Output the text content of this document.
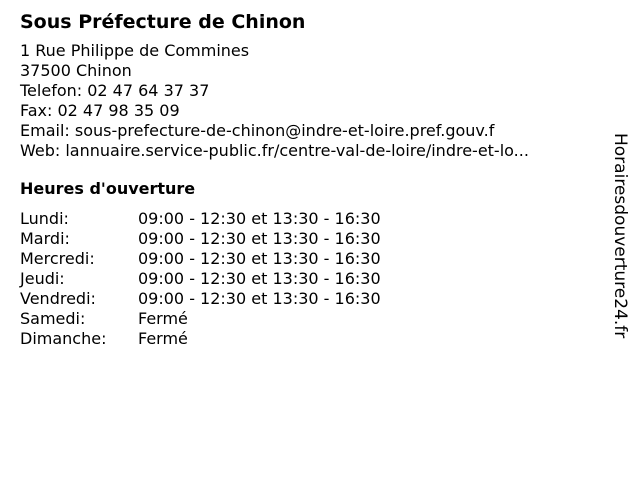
Sous Préfecture de Chinon
1 Rue Philippe de Commines
37500 Chinon
Telefon: 02 47 64 37 37
Fax: 02 47 98 35 09
Email: sous-prefecture-de-chinon@indre-et-loire.pref.gouv.f
Web: lannuaire.service-public.fr/centre-val-de-loire/indre-et-lo...
Heures d'ouverture
Lundi:	09:00 - 12:30 et 13:30 - 16:30
Mardi:	09:00 - 12:30 et 13:30 - 16:30
Mercredi:	09:00 - 12:30 et 13:30 - 16:30
Jeudi:	09:00 - 12:30 et 13:30 - 16:30
Vendredi:	09:00 - 12:30 et 13:30 - 16:30
Samedi:	Fermé
Dimanche:	Fermé
Horairesdouverture24.fr
